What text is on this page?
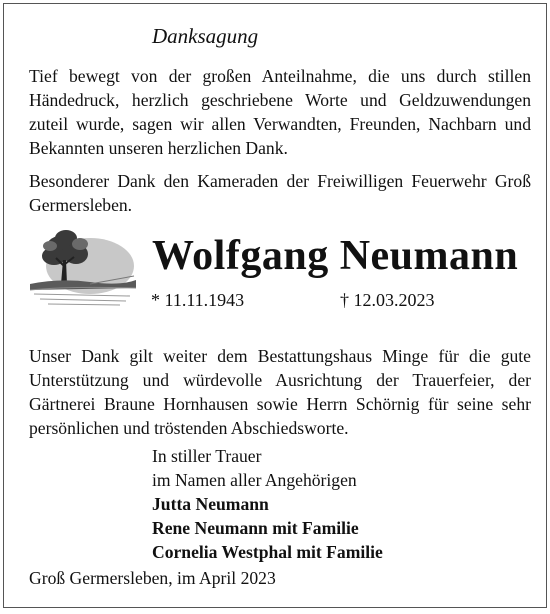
Danksagung
Tief bewegt von der großen Anteilnahme, die uns durch stillen Händedruck, herzlich geschriebene Worte und Geldzuwendungen zuteil wurde, sagen wir allen Verwandten, Freunden, Nachbarn und Bekannten unseren herzlichen Dank.
Besonderer Dank den Kameraden der Freiwilligen Feuerwehr Groß Germersleben.
Wolfgang Neumann
* 11.11.1943	† 12.03.2023
Unser Dank gilt weiter dem Bestattungshaus Minge für die gute Unterstützung und würdevolle Ausrichtung der Trauerfeier, der Gärtnerei Braune Hornhausen sowie Herrn Schörnig für seine sehr persönlichen und tröstenden Abschiedsworte.
In stiller Trauer
im Namen aller Angehörigen
Jutta Neumann
Rene Neumann mit Familie
Cornelia Westphal mit Familie
Groß Germersleben, im April 2023
